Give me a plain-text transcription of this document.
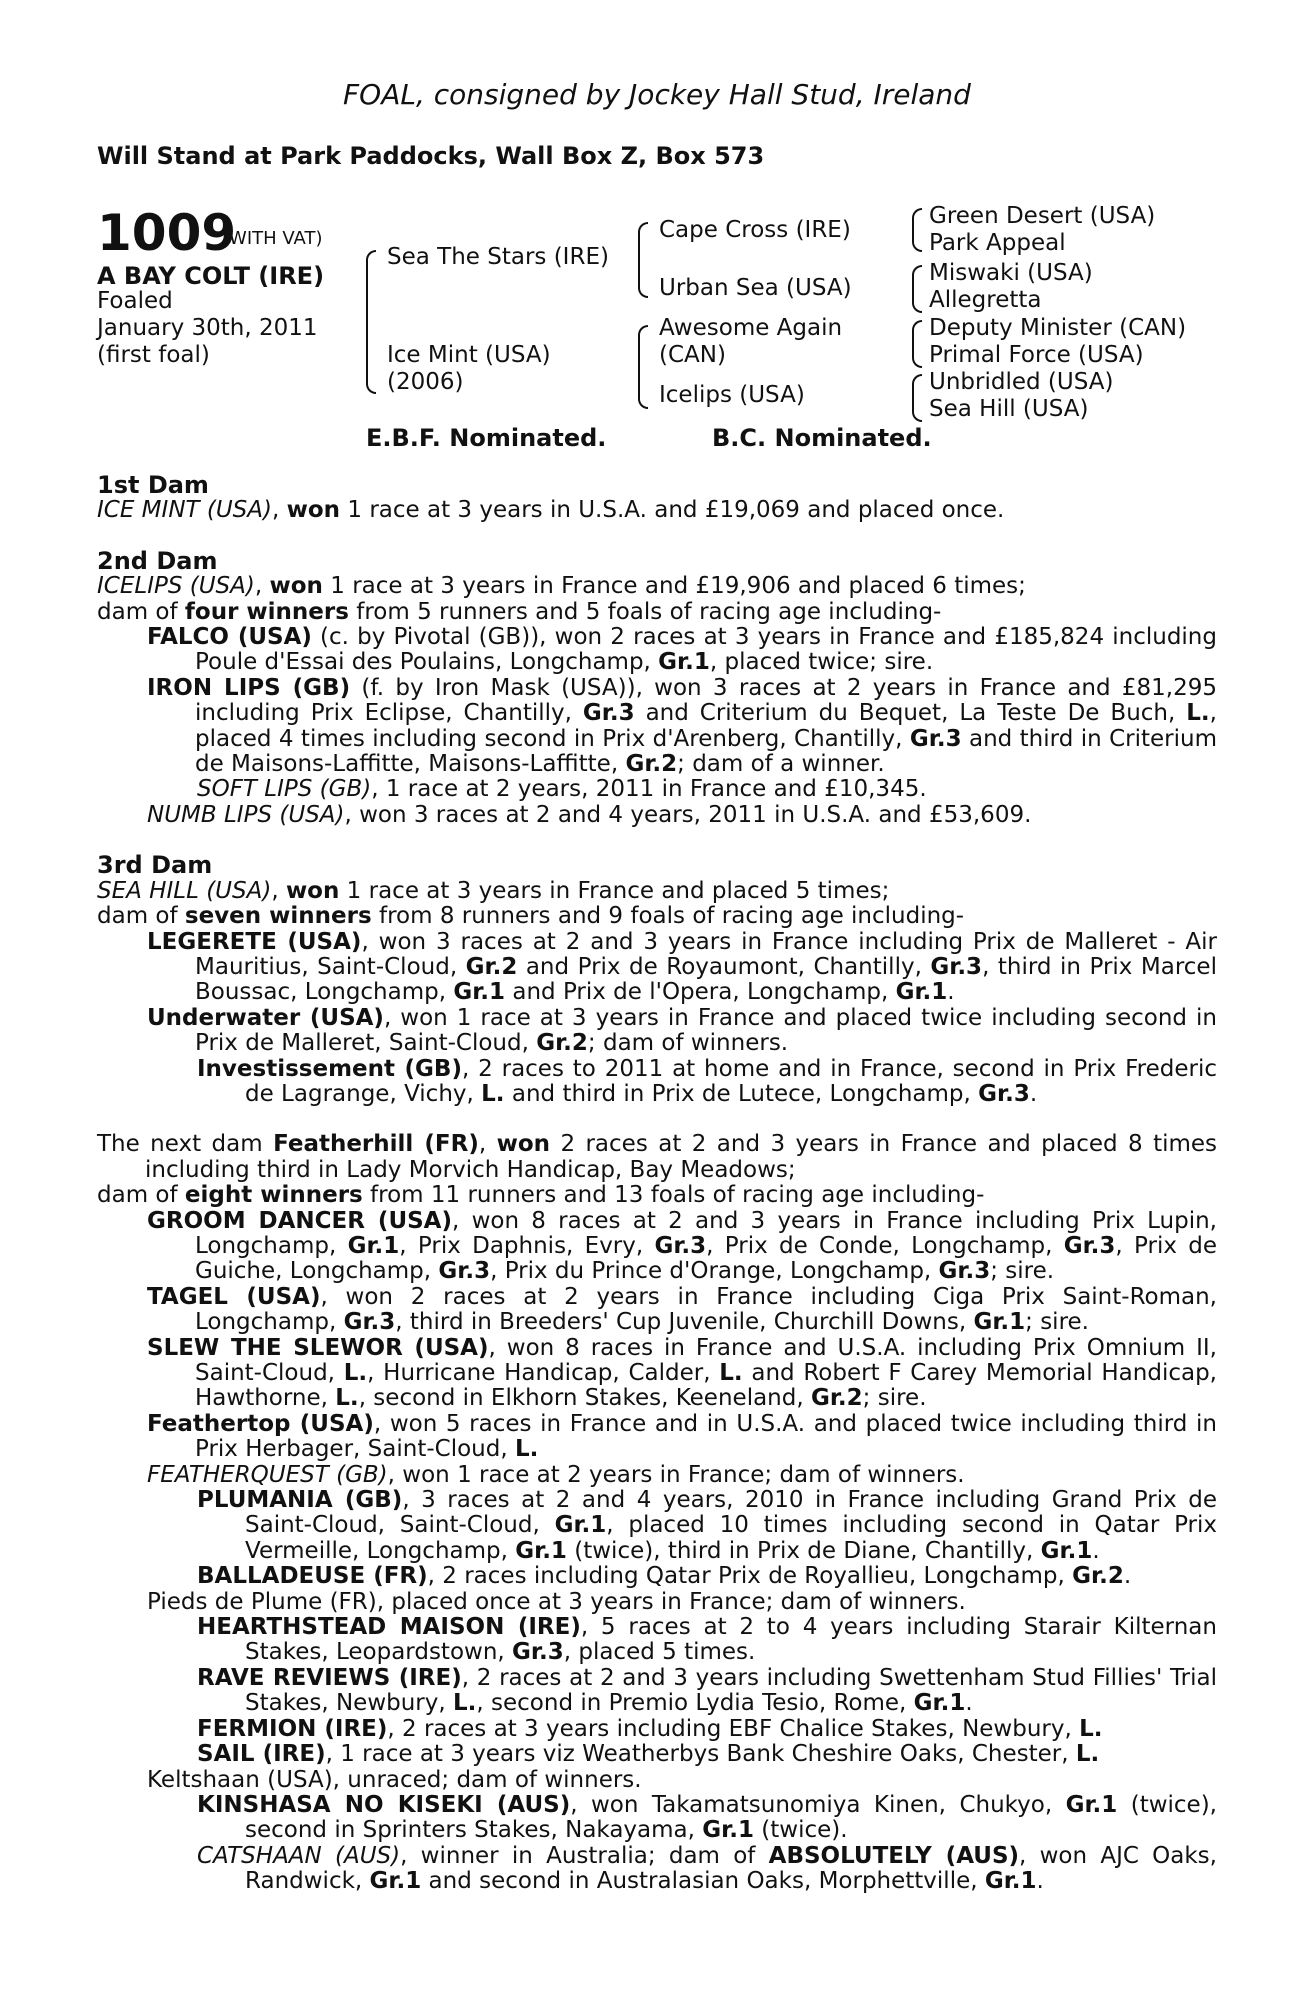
FOAL, consigned by Jockey Hall Stud, Ireland
Will Stand at Park Paddocks, Wall Box Z, Box 573
1009
(WITH VAT)
A BAY COLT (IRE)
Foaled
January 30th, 2011
(first foal)
Sea The Stars (IRE)
Ice Mint (USA)
(2006)
Cape Cross (IRE)
Urban Sea (USA)
Awesome Again
(CAN)
Icelips (USA)
Green Desert (USA)
Park Appeal
Miswaki (USA)
Allegretta
Deputy Minister (CAN)
Primal Force (USA)
Unbridled (USA)
Sea Hill (USA)
E.B.F. Nominated.	B.C. Nominated.
1st Dam
ICE MINT (USA), won 1 race at 3 years in U.S.A. and £19,069 and placed once.
2nd Dam
ICELIPS (USA), won 1 race at 3 years in France and £19,906 and placed 6 times;
dam of four winners from 5 runners and 5 foals of racing age including-
FALCO (USA) (c. by Pivotal (GB)), won 2 races at 3 years in France and £185,824 including Poule d'Essai des Poulains, Longchamp, Gr.1, placed twice; sire.
IRON LIPS (GB) (f. by Iron Mask (USA)), won 3 races at 2 years in France and £81,295 including Prix Eclipse, Chantilly, Gr.3 and Criterium du Bequet, La Teste De Buch, L., placed 4 times including second in Prix d'Arenberg, Chantilly, Gr.3 and third in Criterium de Maisons-Laffitte, Maisons-Laffitte, Gr.2; dam of a winner.
SOFT LIPS (GB), 1 race at 2 years, 2011 in France and £10,345.
NUMB LIPS (USA), won 3 races at 2 and 4 years, 2011 in U.S.A. and £53,609.
3rd Dam
SEA HILL (USA), won 1 race at 3 years in France and placed 5 times;
dam of seven winners from 8 runners and 9 foals of racing age including-
LEGERETE (USA), won 3 races at 2 and 3 years in France including Prix de Malleret - Air Mauritius, Saint-Cloud, Gr.2 and Prix de Royaumont, Chantilly, Gr.3, third in Prix Marcel Boussac, Longchamp, Gr.1 and Prix de l'Opera, Longchamp, Gr.1.
Underwater (USA), won 1 race at 3 years in France and placed twice including second in Prix de Malleret, Saint-Cloud, Gr.2; dam of winners.
Investissement (GB), 2 races to 2011 at home and in France, second in Prix Frederic de Lagrange, Vichy, L. and third in Prix de Lutece, Longchamp, Gr.3.
The next dam Featherhill (FR), won 2 races at 2 and 3 years in France and placed 8 times including third in Lady Morvich Handicap, Bay Meadows;
dam of eight winners from 11 runners and 13 foals of racing age including-
GROOM DANCER (USA), won 8 races at 2 and 3 years in France including Prix Lupin, Longchamp, Gr.1, Prix Daphnis, Evry, Gr.3, Prix de Conde, Longchamp, Gr.3, Prix de Guiche, Longchamp, Gr.3, Prix du Prince d'Orange, Longchamp, Gr.3; sire.
TAGEL (USA), won 2 races at 2 years in France including Ciga Prix Saint-Roman, Longchamp, Gr.3, third in Breeders' Cup Juvenile, Churchill Downs, Gr.1; sire.
SLEW THE SLEWOR (USA), won 8 races in France and U.S.A. including Prix Omnium II, Saint-Cloud, L., Hurricane Handicap, Calder, L. and Robert F Carey Memorial Handicap, Hawthorne, L., second in Elkhorn Stakes, Keeneland, Gr.2; sire.
Feathertop (USA), won 5 races in France and in U.S.A. and placed twice including third in Prix Herbager, Saint-Cloud, L.
FEATHERQUEST (GB), won 1 race at 2 years in France; dam of winners.
PLUMANIA (GB), 3 races at 2 and 4 years, 2010 in France including Grand Prix de Saint-Cloud, Saint-Cloud, Gr.1, placed 10 times including second in Qatar Prix Vermeille, Longchamp, Gr.1 (twice), third in Prix de Diane, Chantilly, Gr.1.
BALLADEUSE (FR), 2 races including Qatar Prix de Royallieu, Longchamp, Gr.2.
Pieds de Plume (FR), placed once at 3 years in France; dam of winners.
HEARTHSTEAD MAISON (IRE), 5 races at 2 to 4 years including Starair Kilternan Stakes, Leopardstown, Gr.3, placed 5 times.
RAVE REVIEWS (IRE), 2 races at 2 and 3 years including Swettenham Stud Fillies' Trial Stakes, Newbury, L., second in Premio Lydia Tesio, Rome, Gr.1.
FERMION (IRE), 2 races at 3 years including EBF Chalice Stakes, Newbury, L.
SAIL (IRE), 1 race at 3 years viz Weatherbys Bank Cheshire Oaks, Chester, L.
Keltshaan (USA), unraced; dam of winners.
KINSHASA NO KISEKI (AUS), won Takamatsunomiya Kinen, Chukyo, Gr.1 (twice), second in Sprinters Stakes, Nakayama, Gr.1 (twice).
CATSHAAN (AUS), winner in Australia; dam of ABSOLUTELY (AUS), won AJC Oaks, Randwick, Gr.1 and second in Australasian Oaks, Morphettville, Gr.1.
